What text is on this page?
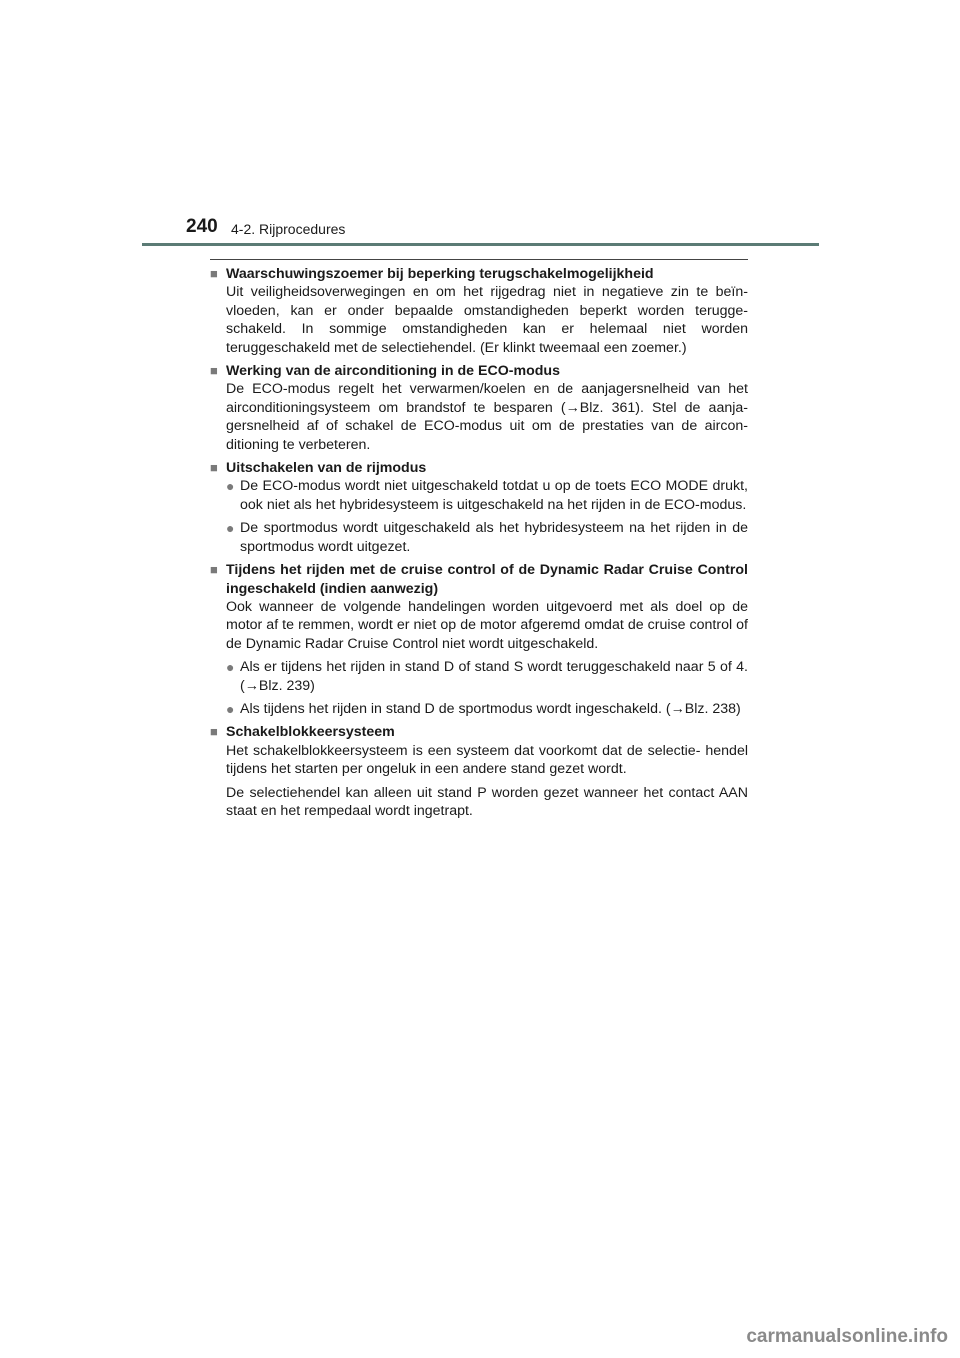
240 4-2. Rijprocedures
■ Waarschuwingszoemer bij beperking terugschakelmogelijkheid
Uit veiligheidsoverwegingen en om het rijgedrag niet in negatieve zin te beïn- vloeden, kan er onder bepaalde omstandigheden beperkt worden terugge- schakeld. In sommige omstandigheden kan er helemaal niet worden teruggeschakeld met de selectiehendel. (Er klinkt tweemaal een zoemer.)
■ Werking van de airconditioning in de ECO-modus
De ECO-modus regelt het verwarmen/koelen en de aanjagersnelheid van het airconditioningsysteem om brandstof te besparen (→Blz. 361). Stel de aanja- gersnelheid af of schakel de ECO-modus uit om de prestaties van de aircon- ditioning te verbeteren.
■ Uitschakelen van de rijmodus
● De ECO-modus wordt niet uitgeschakeld totdat u op de toets ECO MODE drukt, ook niet als het hybridesysteem is uitgeschakeld na het rijden in de ECO-modus.
● De sportmodus wordt uitgeschakeld als het hybridesysteem na het rijden in de sportmodus wordt uitgezet.
■ Tijdens het rijden met de cruise control of de Dynamic Radar Cruise Control ingeschakeld (indien aanwezig)
Ook wanneer de volgende handelingen worden uitgevoerd met als doel op de motor af te remmen, wordt er niet op de motor afgeremd omdat de cruise control of de Dynamic Radar Cruise Control niet wordt uitgeschakeld.
● Als er tijdens het rijden in stand D of stand S wordt teruggeschakeld naar 5 of 4. (→Blz. 239)
● Als tijdens het rijden in stand D de sportmodus wordt ingeschakeld. (→Blz. 238)
■ Schakelblokkeersysteem
Het schakelblokkeersysteem is een systeem dat voorkomt dat de selectie- hendel tijdens het starten per ongeluk in een andere stand gezet wordt.
De selectiehendel kan alleen uit stand P worden gezet wanneer het contact AAN staat en het rempedaal wordt ingetrapt.
carmanualsonline.info
